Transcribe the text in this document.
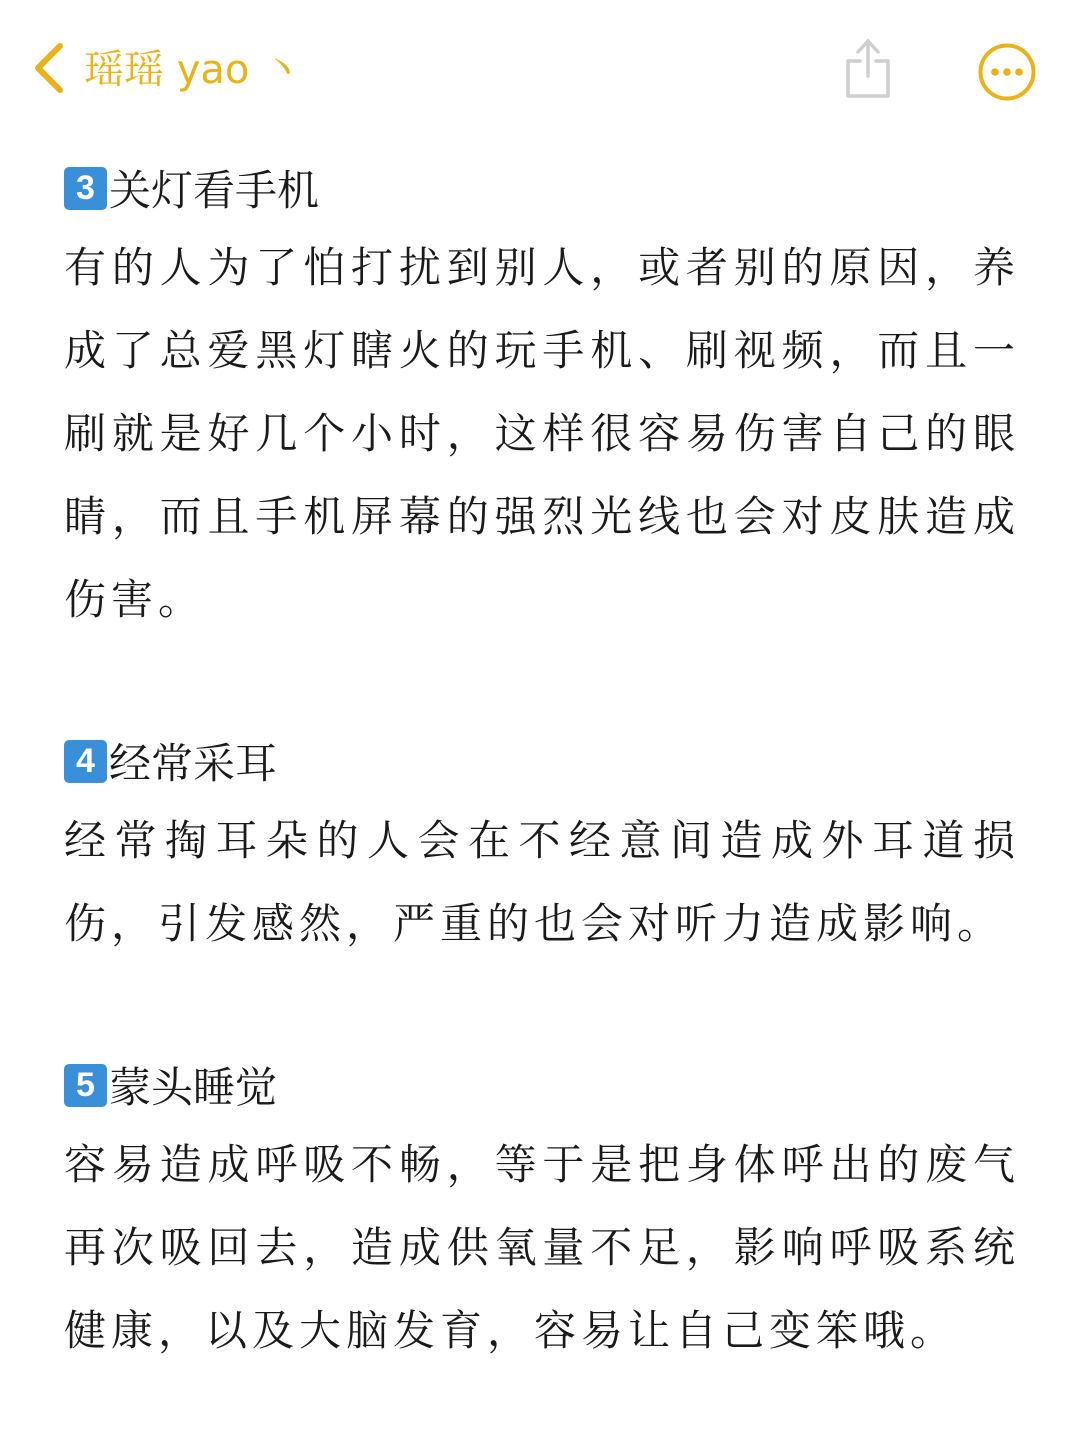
瑶瑶 yao 丶
3 关灯看手机

有的人为了怕打扰到别人，或者别的原因，养成了总爱黑灯瞎火的玩手机、刷视频，而且一刷就是好几个小时，这样很容易伤害自己的眼睛，而且手机屏幕的强烈光线也会对皮肤造成伤害。

4 经常采耳

经常掏耳朵的人会在不经意间造成外耳道损伤，引发感然，严重的也会对听力造成影响。

5 蒙头睡觉

容易造成呼吸不畅，等于是把身体呼出的废气再次吸回去，造成供氧量不足，影响呼吸系统健康，以及大脑发育，容易让自己变笨哦。
